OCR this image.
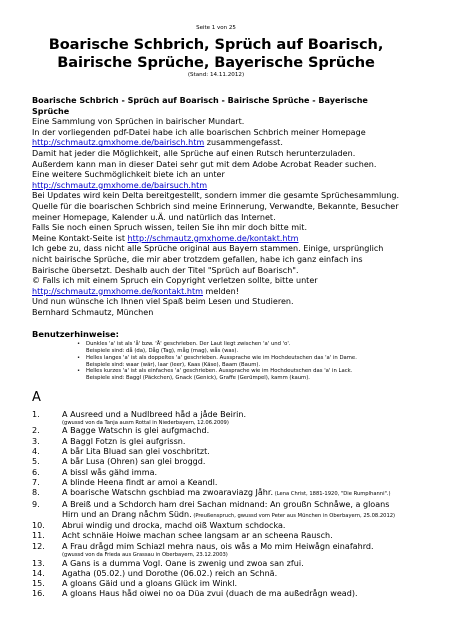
Seite 1 von 25
Boarische Schbrich, Sprüch auf Boarisch,
Bairische Sprüche, Bayerische Sprüche
(Stand: 14.11.2012)
Boarische Schbrich - Sprüch auf Boarisch - Bairische Sprüche - Bayerische Sprüche
Eine Sammlung von Sprüchen in bairischer Mundart.
In der vorliegenden pdf-Datei habe ich alle boarischen Schbrich meiner Homepage
http://schmautz.gmxhome.de/bairisch.htm zusammengefasst.
Damit hat jeder die Möglichkeit, alle Sprüche auf einen Rutsch herunterzuladen.
Außerdem kann man in dieser Datei sehr gut mit dem Adobe Acrobat Reader suchen.
Eine weitere Suchmöglichkeit biete ich an unter
http://schmautz.gmxhome.de/bairsuch.htm
Bei Updates wird kein Delta bereitgestellt, sondern immer die gesamte Sprüchesammlung.
Quelle für die boarischen Schbrich sind meine Erinnerung, Verwandte, Bekannte, Besucher
meiner Homepage, Kalender u.Ä. und natürlich das Internet.
Falls Sie noch einen Spruch wissen, teilen Sie ihn mir doch bitte mit.
Meine Kontakt-Seite ist http://schmautz.gmxhome.de/kontakt.htm
Ich gebe zu, dass nicht alle Sprüche original aus Bayern stammen. Einige, ursprünglich
nicht bairische Sprüche, die mir aber trotzdem gefallen, habe ich ganz einfach ins
Bairische übersetzt. Deshalb auch der Titel "Sprüch auf Boarisch".
© Falls ich mit einem Spruch ein Copyright verletzen sollte, bitte unter
http://schmautz.gmxhome.de/kontakt.htm melden!
Und nun wünsche ich Ihnen viel Spaß beim Lesen und Studieren.
Bernhard Schmautz, München
Benutzerhinweise:
• Dunkles 'a' ist als 'å' bzw. 'Å' geschrieben. Der Laut liegt zwischen 'a' und 'o'.
Beispiele sind: då (da), Dåg (Tag), måg (mag), wås (was).
• Helles langes 'a' ist als doppeltes 'a' geschrieben. Aussprache wie im Hochdeutschen das 'a' in Dame.
Beispiele sind: waar (wär), laar (leer), Kaas (Käse), Baam (Baum).
• Helles kurzes 'a' ist als einfaches 'a' geschrieben. Aussprache wie im Hochdeutschen das 'a' in Lack.
Beispiele sind: Baggl (Päckchen), Gnack (Genick), Graffe (Gerümpel), kamm (kaum).
A
1.	A Ausreed und a Nudlbreed håd a jåde Beirin.
(gwussd von da Tanja ausm Rottal in Niederbayern, 12.06.2009)
2.	A Bagge Watschn is glei aufgmachd.
3.	A Baggl Fotzn is glei aufgrissn.
4.	A bår Lita Bluad san glei voschbritzt.
5.	A bår Lusa (Ohren) san glei broggd.
6.	A bissl wås gähd imma.
7.	A blinde Heena findt ar amoi a Keandl.
8.	A boarische Watschn gschbiad ma zwoaraviazg Jåhr. (Lena Christ, 1881-1920, "Die Rumplhanni".)
9.	A Breiß und a Schdorch ham drei Sachan midnand: An groußn Schnåwe, a gloans
Hirn und an Drang nåchm Südn. (Preußenspruch, gwussd vom Peter aus München in Oberbayern, 25.08.2012)
10. Abrui windig und drocka, machd oiß Waxtum schdocka.
11. Acht schnäie Hoiwe machan schee langsam ar an scheena Rausch.
12. A Frau drågd mim Schiazl mehra naus, ois wås a Mo mim Heiwågn einafahrd.
(gwussd von da Frieda aus Grassau in Oberbayern, 23.12.2003)
13. A Gans is a dumma Vogl. Oane is zwenig und zwoa san zfui.
14. Agatha (05.02.) und Dorothe (06.02.) reich an Schnä.
15. A gloans Gäid und a gloans Glück im Winkl.
16. A gloans Haus håd oiwei no oa Düa zvui (duach de ma außedrågn wead).
